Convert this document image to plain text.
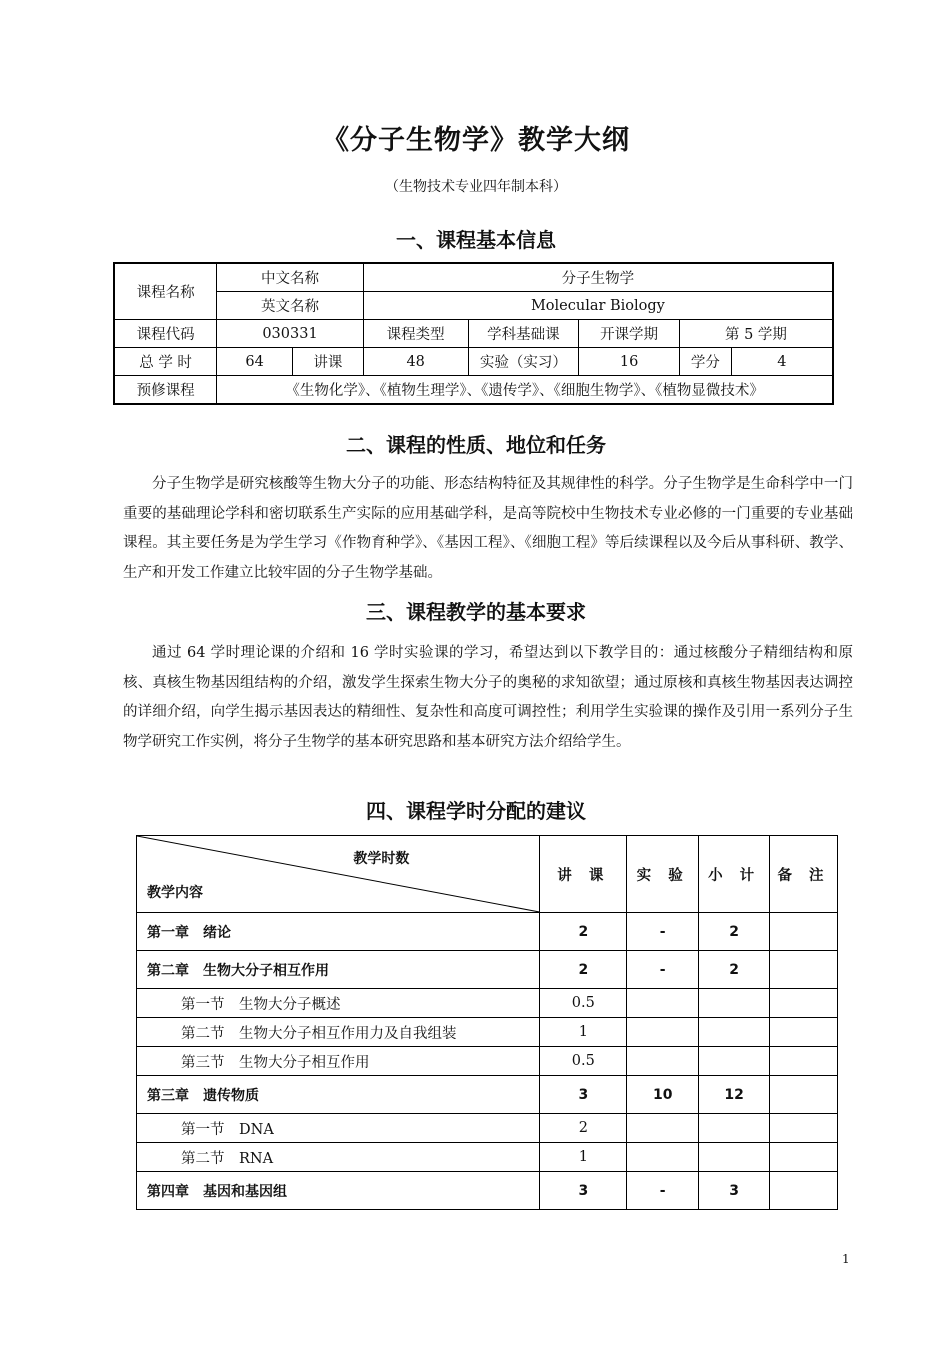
《分子生物学》教学大纲
（生物技术专业四年制本科）
一、课程基本信息
课程名称	中文名称		分子生物学				
	英文名称		Molecular Biology				
课程代码	030331		课程类型	学科基础课	开课学期	第 5 学期	
总 学 时	64	讲课	48	实验（实习）	16	学分	4
预修课程	《生物化学》、《植物生理学》、《遗传学》、《细胞生物学》、《植物显微技术》						
二、课程的性质、地位和任务

分子生物学是研究核酸等生物大分子的功能、形态结构特征及其规律性的科学。分子生物学是生命科学中一门重要的基础理论学科和密切联系生产实际的应用基础学科，是高等院校中生物技术专业必修的一门重要的专业基础课程。其主要任务是为学生学习《作物育种学》、《基因工程》、《细胞工程》等后续课程以及今后从事科研、教学、生产和开发工作建立比较牢固的分子生物学基础。

三、课程教学的基本要求

通过 64 学时理论课的介绍和 16 学时实验课的学习，希望达到以下教学目的：通过核酸分子精细结构和原核、真核生物基因组结构的介绍，激发学生探索生物大分子的奥秘的求知欲望；通过原核和真核生物基因表达调控的详细介绍，向学生揭示基因表达的精细性、复杂性和高度可调控性；利用学生实验课的操作及引用一系列分子生物学研究工作实例，将分子生物学的基本研究思路和基本研究方法介绍给学生。

四、课程学时分配的建议
教学时数
教学内容	讲 课	实 验	小 计	备 注
第一章　绪论	2	-	2	
第二章　生物大分子相互作用	2	-	2	
第一节　生物大分子概述	0.5			
第二节　生物大分子相互作用力及自我组装	1			
第三节　生物大分子相互作用	0.5			
第三章　遗传物质	3	10	12	
第一节　DNA	2			
第二节　RNA	1			
第四章　基因和基因组	3	-	3	
1
